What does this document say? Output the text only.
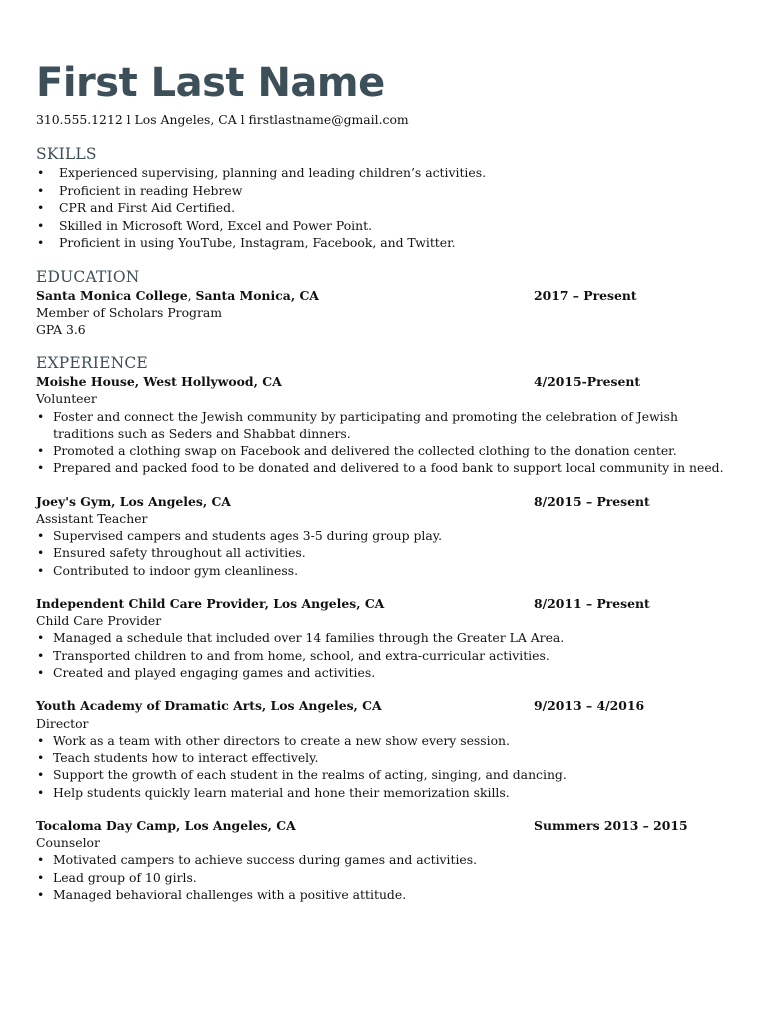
First Last Name
310.555.1212 l Los Angeles, CA l firstlastname@gmail.com
SKILLS
• Experienced supervising, planning and leading children’s activities.
• Proficient in reading Hebrew
• CPR and First Aid Certified.
• Skilled in Microsoft Word, Excel and Power Point.
• Proficient in using YouTube, Instagram, Facebook, and Twitter.
EDUCATION
Santa Monica College, Santa Monica, CA	2017 – Present
Member of Scholars Program
GPA 3.6
EXPERIENCE
Moishe House, West Hollywood, CA	4/2015-Present
Volunteer
• Foster and connect the Jewish community by participating and promoting the celebration of Jewish traditions such as Seders and Shabbat dinners.
• Promoted a clothing swap on Facebook and delivered the collected clothing to the donation center.
• Prepared and packed food to be donated and delivered to a food bank to support local community in need.
Joey's Gym, Los Angeles, CA	8/2015 – Present
Assistant Teacher
• Supervised campers and students ages 3-5 during group play.
• Ensured safety throughout all activities.
• Contributed to indoor gym cleanliness.
Independent Child Care Provider, Los Angeles, CA	8/2011 – Present
Child Care Provider
• Managed a schedule that included over 14 families through the Greater LA Area.
• Transported children to and from home, school, and extra-curricular activities.
• Created and played engaging games and activities.
Youth Academy of Dramatic Arts, Los Angeles, CA	9/2013 – 4/2016
Director
• Work as a team with other directors to create a new show every session.
• Teach students how to interact effectively.
• Support the growth of each student in the realms of acting, singing, and dancing.
• Help students quickly learn material and hone their memorization skills.
Tocaloma Day Camp, Los Angeles, CA	Summers 2013 – 2015
Counselor
• Motivated campers to achieve success during games and activities.
• Lead group of 10 girls.
• Managed behavioral challenges with a positive attitude.
